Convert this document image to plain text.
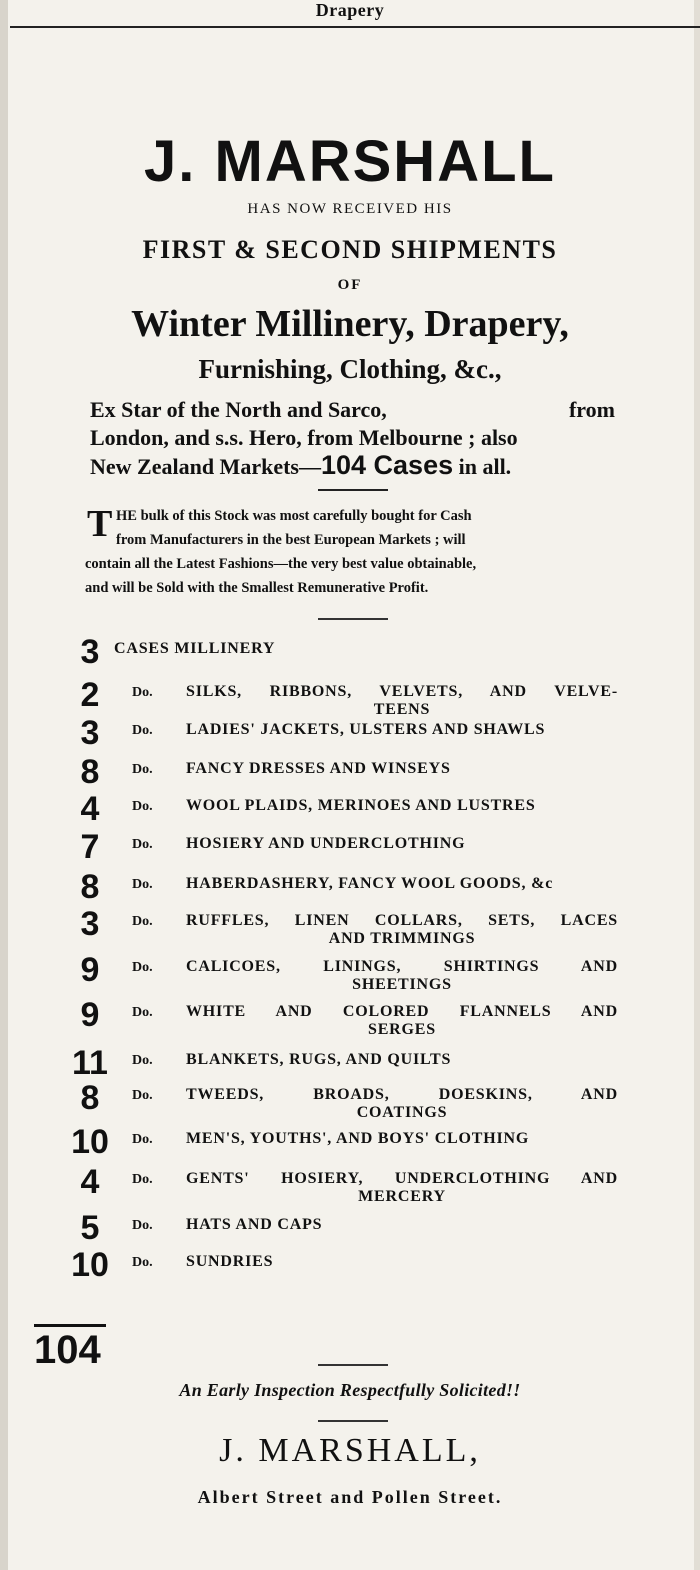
Drapery
J. MARSHALL
HAS NOW RECEIVED HIS
FIRST & SECOND SHIPMENTS
OF
Winter Millinery, Drapery,
Furnishing, Clothing, &c.,
Ex Star of the North and Sarco,	from
London, and s.s. Hero, from Melbourne ; also
New Zealand Markets—104 Cases in all.
T HE bulk of this Stock was most carefully bought for Cash
from Manufacturers in the best European Markets ; will
contain all the Latest Fashions—the very best value obtainable,
and will be Sold with the Smallest Remunerative Profit.
3 CASES MILLINERY
2	Do. SILKS, RIBBONS, VELVETS, AND VELVE-
TEENS
3	Do. LADIES' JACKETS, ULSTERS AND SHAWLS
8	Do. FANCY DRESSES AND WINSEYS
4	Do. WOOL PLAIDS, MERINOES AND LUSTRES
7	Do. HOSIERY AND UNDERCLOTHING
8	Do. HABERDASHERY, FANCY WOOL GOODS, &c
3	Do. RUFFLES, LINEN COLLARS, SETS, LACES
AND TRIMMINGS
9	Do. CALICOES, LININGS, SHIRTINGS AND
SHEETINGS
9	Do. WHITE AND COLORED FLANNELS AND
SERGES
11	Do. BLANKETS, RUGS, AND QUILTS
8	Do. TWEEDS, BROADS, DOESKINS, AND
COATINGS
10	Do. MEN'S, YOUTHS', AND BOYS' CLOTHING
4	Do. GENTS' HOSIERY, UNDERCLOTHING AND
MERCERY
5	Do. HATS AND CAPS
10	Do. SUNDRIES
104
An Early Inspection Respectfully Solicited!!
J. MARSHALL,
Albert Street and Pollen Street.
